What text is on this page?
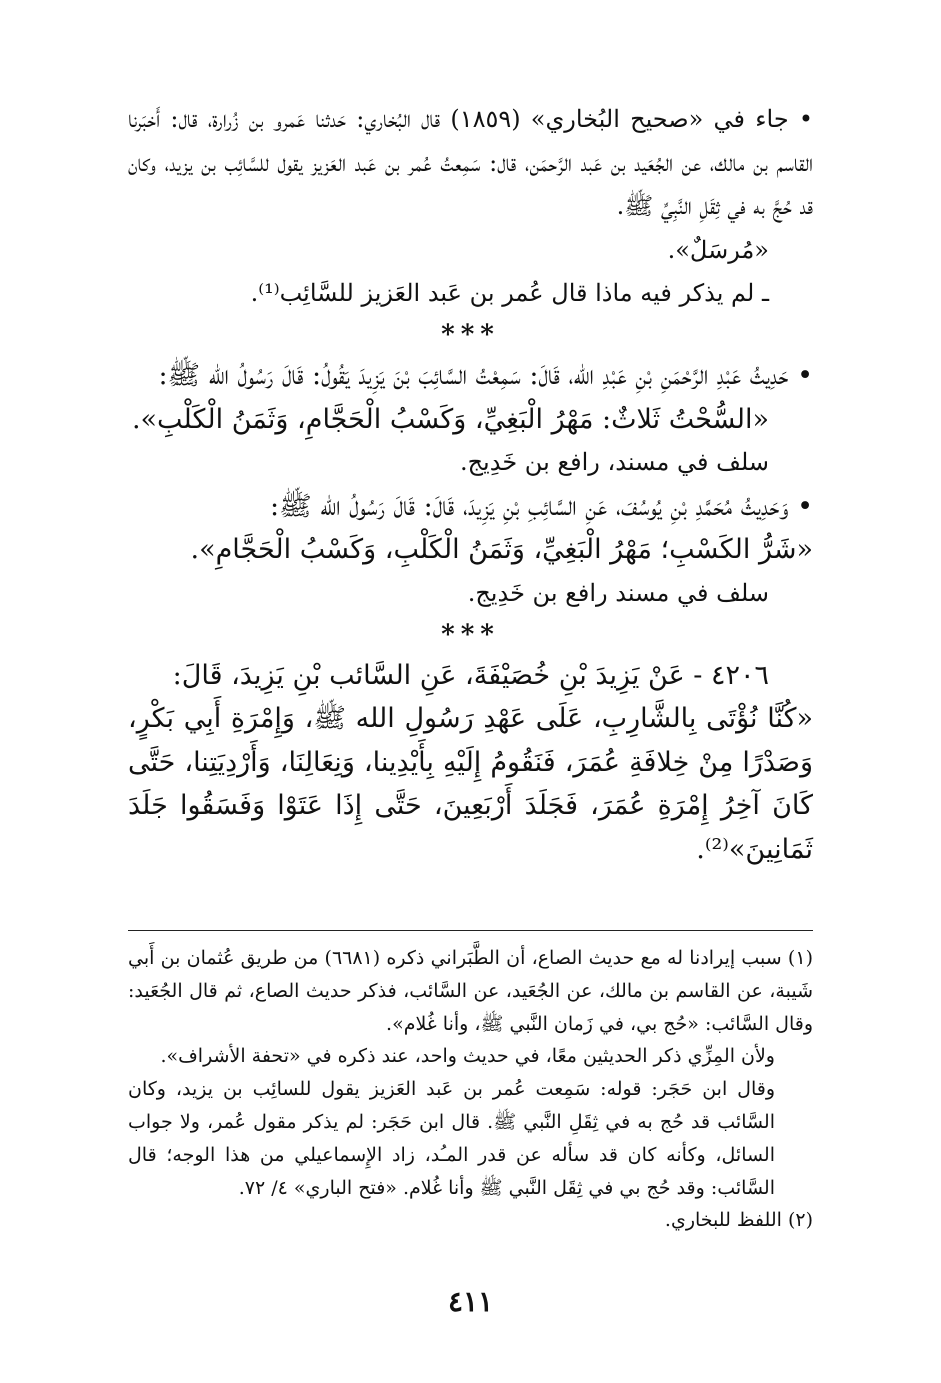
• جاء في «صحيح البُخاري» (١٨٥٩) قال البُخاري: حَدثنا عَمرو بن زُرارة، قال: أَخبَرنا القاسم بن مالك، عن الجُعَيد بن عَبد الرَّحمَن، قال: سَمِعتُ عُمر بن عَبد العَزيز يقول للسَّائِب بن يزيد، وكان قد حُجَّ به في ثِقَلِ النَّبِيِّ ﷺ.

«مُرسَلٌ».

ـ لم يذكر فيه ماذا قال عُمر بن عَبد العَزيز للسَّائِب⁽¹⁾.

***

• حَدِيثُ عَبْدِ الرَّحْمَنِ بْنِ عَبْدِ الله، قَالَ: سَمِعْتُ السَّائِبَ بْنَ يَزِيدَ يَقُولُ: قَالَ رَسُولُ الله ﷺ:

«السُّحْتُ ثَلاثٌ: مَهْرُ الْبَغِيِّ، وَكَسْبُ الْحَجَّامِ، وَثَمَنُ الْكَلْبِ».

سلف في مسند، رافع بن خَدِيج.

• وَحَدِيثُ مُحَمَّدِ بْنِ يُوسُفَ، عَنِ السَّائِبِ بْنِ يَزِيدَ، قَالَ: قَالَ رَسُولُ الله ﷺ:

«شَرُّ الكَسْبِ؛ مَهْرُ الْبَغِيِّ، وَثَمَنُ الْكَلْبِ، وَكَسْبُ الْحَجَّامِ».

سلف في مسند رافع بن خَدِيج.

***

٤٢٠٦ - عَنْ يَزِيدَ بْنِ خُصَيْفَةَ، عَنِ السَّائب بْنِ يَزِيدَ، قَالَ:

«كُنَّا نُؤْتَى بِالشَّارِبِ، عَلَى عَهْدِ رَسُولِ الله ﷺ، وَإِمْرَةِ أَبِي بَكْرٍ، وَصَدْرًا مِنْ خِلافَةِ عُمَرَ، فَنَقُومُ إِلَيْهِ بِأَيْدِينا، وَنِعَالِنَا، وَأَرْدِيَتِنا، حَتَّى كَانَ آخِرُ إِمْرَةِ عُمَرَ، فَجَلَدَ أَرْبَعِينَ، حَتَّى إِذَا عَتَوْا وَفَسَقُوا جَلَدَ ثَمَانِينَ»⁽²⁾.

(١) سبب إيرادنا له مع حديث الصاع، أن الطَّبَراني ذكره (٦٦٨١) من طريق عُثمان بن أَبي شَيبة، عن القاسم بن مالك، عن الجُعَيد، عن السَّائب، فذكر حديث الصاع، ثم قال الجُعَيد: وقال السَّائب: «حُج بي، في زَمان النَّبي ﷺ، وأنا غُلام».

ولأن المِزِّي ذكر الحديثين معًا، في حديث واحد، عند ذكره في «تحفة الأشراف».

وقال ابن حَجَر: قوله: سَمِعت عُمر بن عَبد العَزيز يقول للسائِب بن يزيد، وكان السَّائب قد حُج به في ثِقَلِ النَّبي ﷺ. قال ابن حَجَر: لم يذكر مقول عُمر، ولا جواب السائل، وكأنه كان قد سأله عن قدر المـُد، زاد الإِسماعيلي من هذا الوجه؛ قال السَّائب: وقد حُج بي في ثِقَل النَّبي ﷺ وأنا غُلام. «فتح الباري» ٤/ ٧٢.

(٢) اللفظ للبخاري.

٤١١
